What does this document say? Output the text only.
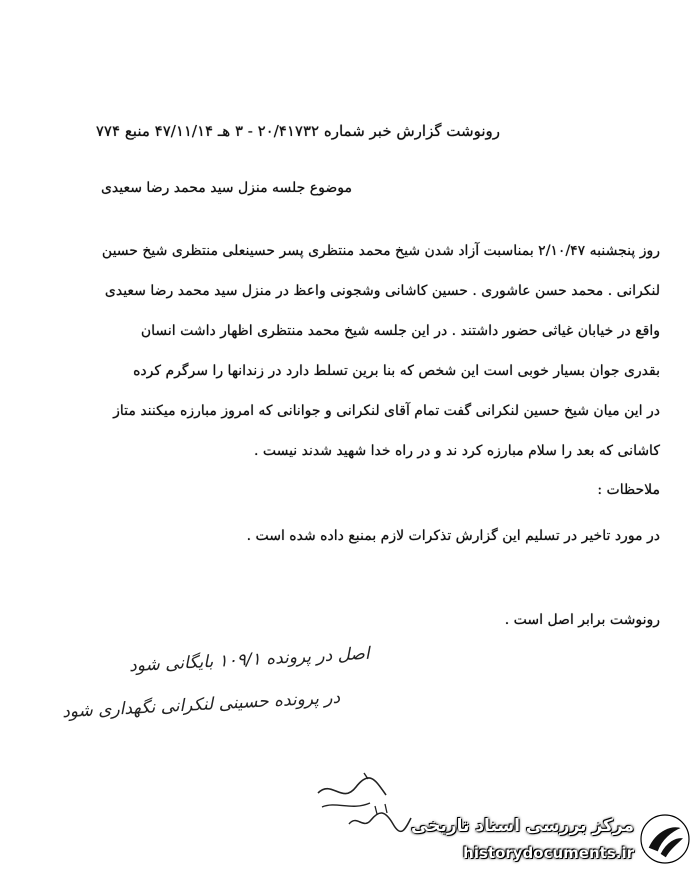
رونوشت گزارش خبر شماره ۲۰/۴۱۷۳۲ - ۳ هـ ۴۷/۱۱/۱۴ منبع ۷۷۴
موضوع جلسه منزل سید محمد رضا سعیدی
روز پنجشنبه ۲/۱۰/۴۷ بمناسبت آزاد شدن شیخ محمد منتظری پسر حسینعلی منتظری شیخ حسین
لنکرانی . محمد حسن عاشوری . حسین کاشانی وشجونی واعظ در منزل سید محمد رضا سعیدی
واقع در خیابان غیاثی حضور داشتند . در این جلسه شیخ محمد منتظری اظهار داشت انسان
بقدری جوان بسیار خوبی است این شخص که بنا برین تسلط دارد در زندانها را سرگرم کرده
در این میان شیخ حسین لنکرانی گفت تمام آقای لنکرانی و جوانانی که امروز مبارزه میکنند متاز
کاشانی که بعد را سلام مبارزه کرد ند و در راه خدا شهید شدند نیست .
ملاحظات :
در مورد تاخیر در تسلیم این گزارش تذکرات لازم بمنبع داده شده است .
رونوشت برابر اصل است .
اصل در پرونده ۱۰۹/۱ بایگانی شود
در پرونده حسینی لنکرانی نگهداری شود
مرکز بررسی اسناد تاریخی
historydocuments.ir
